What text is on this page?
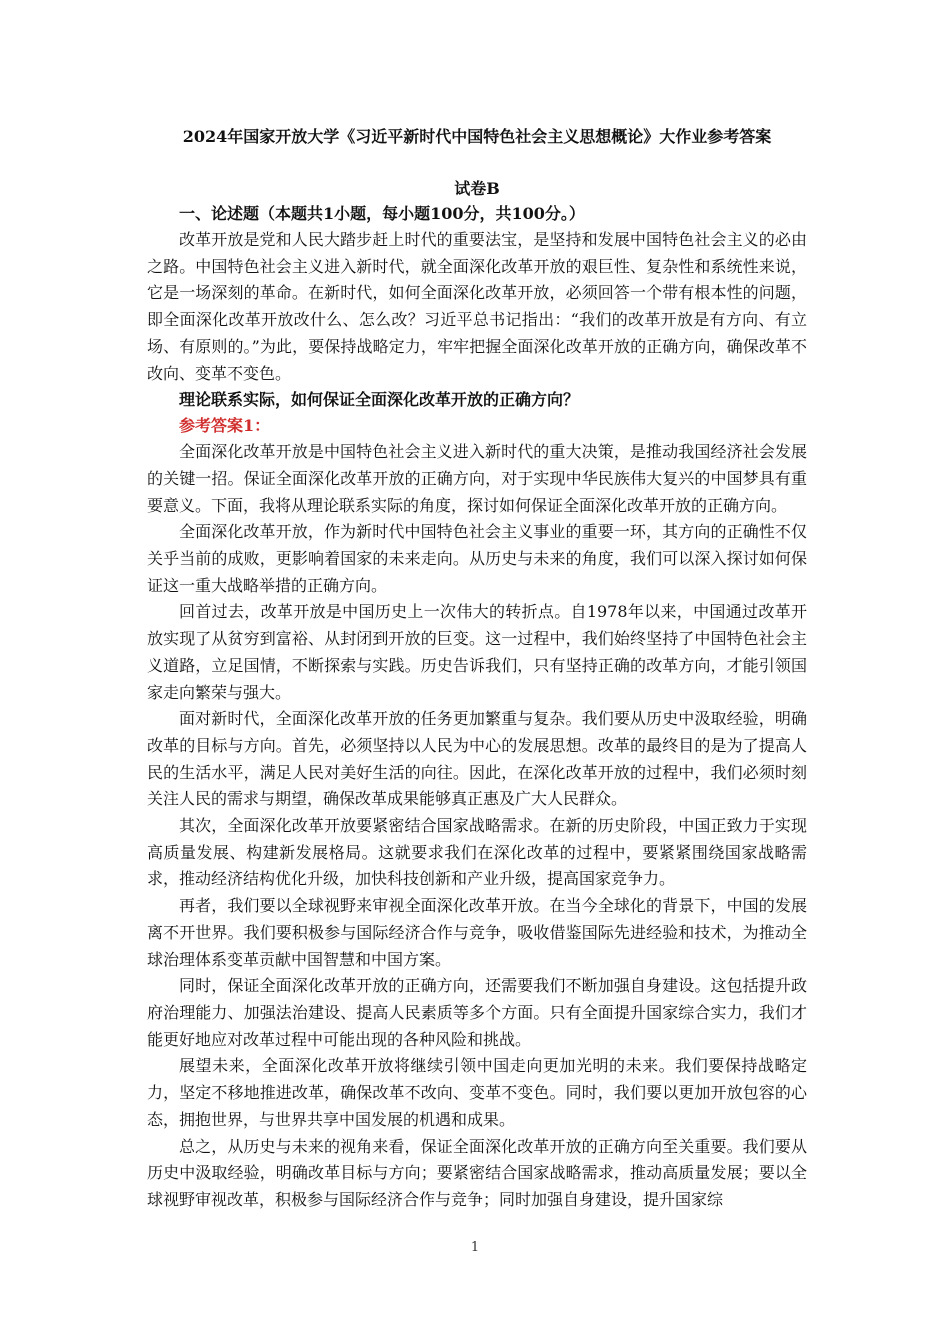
2024年国家开放大学《习近平新时代中国特色社会主义思想概论》大作业参考答案
试卷B
一、论述题（本题共1小题，每小题100分，共100分。）

改革开放是党和人民大踏步赶上时代的重要法宝，是坚持和发展中国特色社会主义的必由之路。中国特色社会主义进入新时代，就全面深化改革开放的艰巨性、复杂性和系统性来说，它是一场深刻的革命。在新时代，如何全面深化改革开放，必须回答一个带有根本性的问题，即全面深化改革开放改什么、怎么改？习近平总书记指出：“我们的改革开放是有方向、有立场、有原则的。”为此，要保持战略定力，牢牢把握全面深化改革开放的正确方向，确保改革不改向、变革不变色。

理论联系实际，如何保证全面深化改革开放的正确方向？
参考答案1：

全面深化改革开放是中国特色社会主义进入新时代的重大决策，是推动我国经济社会发展的关键一招。保证全面深化改革开放的正确方向，对于实现中华民族伟大复兴的中国梦具有重要意义。下面，我将从理论联系实际的角度，探讨如何保证全面深化改革开放的正确方向。

全面深化改革开放，作为新时代中国特色社会主义事业的重要一环，其方向的正确性不仅关乎当前的成败，更影响着国家的未来走向。从历史与未来的角度，我们可以深入探讨如何保证这一重大战略举措的正确方向。

回首过去，改革开放是中国历史上一次伟大的转折点。自1978年以来，中国通过改革开放实现了从贫穷到富裕、从封闭到开放的巨变。这一过程中，我们始终坚持了中国特色社会主义道路，立足国情，不断探索与实践。历史告诉我们，只有坚持正确的改革方向，才能引领国家走向繁荣与强大。

面对新时代，全面深化改革开放的任务更加繁重与复杂。我们要从历史中汲取经验，明确改革的目标与方向。首先，必须坚持以人民为中心的发展思想。改革的最终目的是为了提高人民的生活水平，满足人民对美好生活的向往。因此，在深化改革开放的过程中，我们必须时刻关注人民的需求与期望，确保改革成果能够真正惠及广大人民群众。

其次，全面深化改革开放要紧密结合国家战略需求。在新的历史阶段，中国正致力于实现高质量发展、构建新发展格局。这就要求我们在深化改革的过程中，要紧紧围绕国家战略需求，推动经济结构优化升级，加快科技创新和产业升级，提高国家竞争力。

再者，我们要以全球视野来审视全面深化改革开放。在当今全球化的背景下，中国的发展离不开世界。我们要积极参与国际经济合作与竞争，吸收借鉴国际先进经验和技术，为推动全球治理体系变革贡献中国智慧和中国方案。

同时，保证全面深化改革开放的正确方向，还需要我们不断加强自身建设。这包括提升政府治理能力、加强法治建设、提高人民素质等多个方面。只有全面提升国家综合实力，我们才能更好地应对改革过程中可能出现的各种风险和挑战。

展望未来，全面深化改革开放将继续引领中国走向更加光明的未来。我们要保持战略定力，坚定不移地推进改革，确保改革不改向、变革不变色。同时，我们要以更加开放包容的心态，拥抱世界，与世界共享中国发展的机遇和成果。

总之，从历史与未来的视角来看，保证全面深化改革开放的正确方向至关重要。我们要从历史中汲取经验，明确改革目标与方向；要紧密结合国家战略需求，推动高质量发展；要以全球视野审视改革，积极参与国际经济合作与竞争；同时加强自身建设，提升国家综

1
